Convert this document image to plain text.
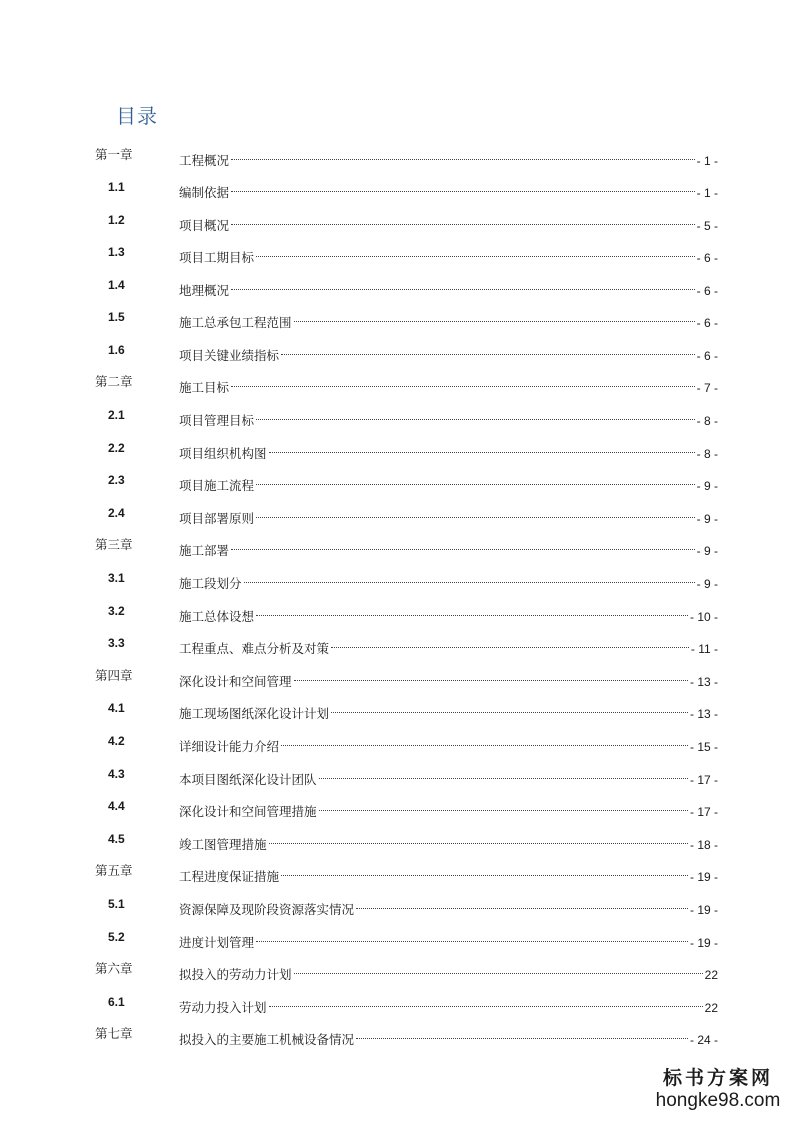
目录
第一章	工程概况	- 1 -
1.1	编制依据	- 1 -
1.2	项目概况	- 5 -
1.3	项目工期目标	- 6 -
1.4	地理概况	- 6 -
1.5	施工总承包工程范围	- 6 -
1.6	项目关键业绩指标	- 6 -
第二章	施工目标	- 7 -
2.1	项目管理目标	- 8 -
2.2	项目组织机构图	- 8 -
2.3	项目施工流程	- 9 -
2.4	项目部署原则	- 9 -
第三章	施工部署	- 9 -
3.1	施工段划分	- 9 -
3.2	施工总体设想	- 10 -
3.3	工程重点、难点分析及对策	- 11 -
第四章	深化设计和空间管理	- 13 -
4.1	施工现场图纸深化设计计划	- 13 -
4.2	详细设计能力介绍	- 15 -
4.3	本项目图纸深化设计团队	- 17 -
4.4	深化设计和空间管理措施	- 17 -
4.5	竣工图管理措施	- 18 -
第五章	工程进度保证措施	- 19 -
5.1	资源保障及现阶段资源落实情况	- 19 -
5.2	进度计划管理	- 19 -
第六章	拟投入的劳动力计划	22
6.1	劳动力投入计划	22
第七章	拟投入的主要施工机械设备情况	- 24 -
标书方案网
hongke98.com
